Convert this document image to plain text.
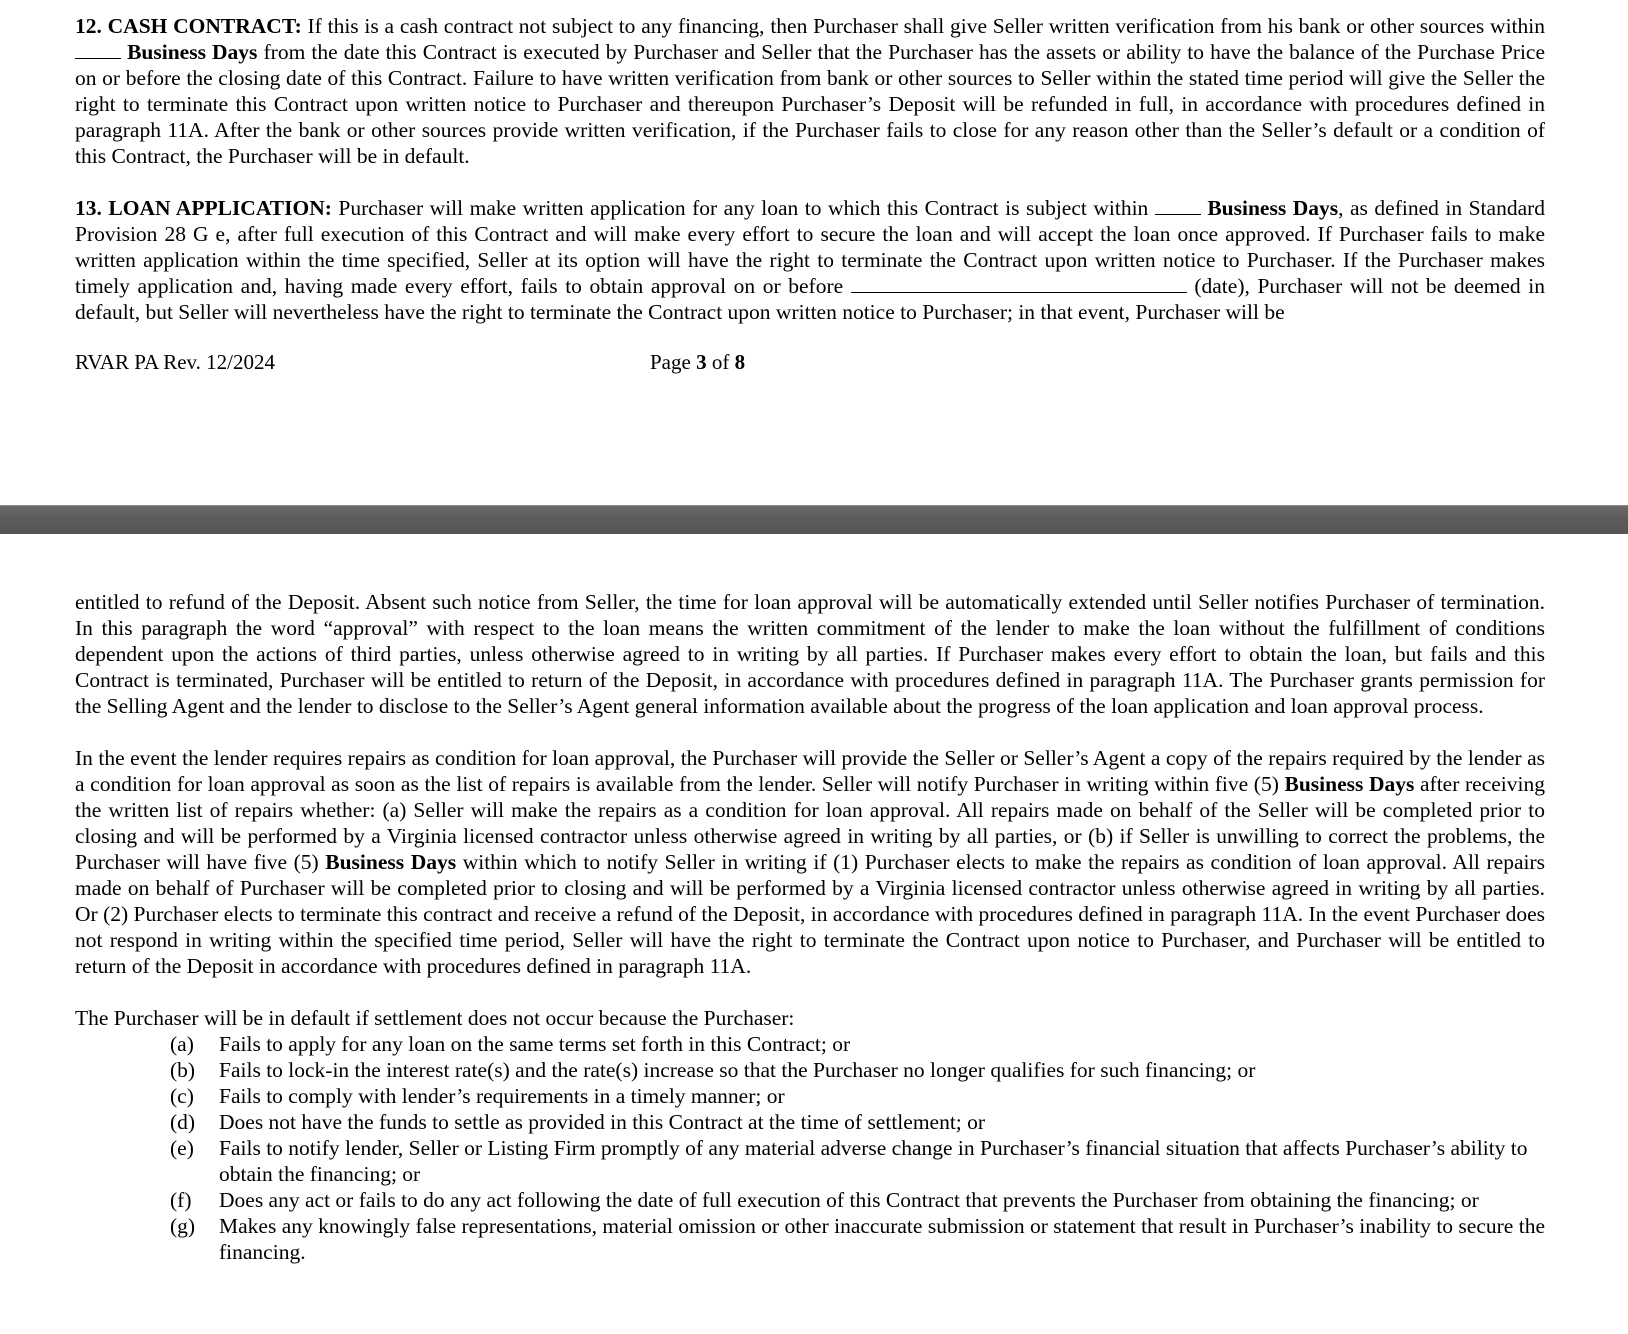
12. CASH CONTRACT: If this is a cash contract not subject to any financing, then Purchaser shall give Seller written verification from his bank or other sources within  Business Days from the date this Contract is executed by Purchaser and Seller that the Purchaser has the assets or ability to have the balance of the Purchase Price on or before the closing date of this Contract. Failure to have written verification from bank or other sources to Seller within the stated time period will give the Seller the right to terminate this Contract upon written notice to Purchaser and thereupon Purchaser’s Deposit will be refunded in full, in accordance with procedures defined in paragraph 11A. After the bank or other sources provide written verification, if the Purchaser fails to close for any reason other than the Seller’s default or a condition of this Contract, the Purchaser will be in default.

13. LOAN APPLICATION: Purchaser will make written application for any loan to which this Contract is subject within  Business Days, as defined in Standard Provision 28 G e, after full execution of this Contract and will make every effort to secure the loan and will accept the loan once approved. If Purchaser fails to make written application within the time specified, Seller at its option will have the right to terminate the Contract upon written notice to Purchaser. If the Purchaser makes timely application and, having made every effort, fails to obtain approval on or before	(date), Purchaser will not be deemed in default, but Seller will nevertheless have the right to terminate the Contract upon written notice to Purchaser; in that event, Purchaser will be

RVAR PA Rev. 12/2024	Page 3 of 8

entitled to refund of the Deposit. Absent such notice from Seller, the time for loan approval will be automatically extended until Seller notifies Purchaser of termination. In this paragraph the word “approval” with respect to the loan means the written commitment of the lender to make the loan without the fulfillment of conditions dependent upon the actions of third parties, unless otherwise agreed to in writing by all parties. If Purchaser makes every effort to obtain the loan, but fails and this Contract is terminated, Purchaser will be entitled to return of the Deposit, in accordance with procedures defined in paragraph 11A. The Purchaser grants permission for the Selling Agent and the lender to disclose to the Seller’s Agent general information available about the progress of the loan application and loan approval process.

In the event the lender requires repairs as condition for loan approval, the Purchaser will provide the Seller or Seller’s Agent a copy of the repairs required by the lender as a condition for loan approval as soon as the list of repairs is available from the lender. Seller will notify Purchaser in writing within five (5) Business Days after receiving the written list of repairs whether: (a) Seller will make the repairs as a condition for loan approval. All repairs made on behalf of the Seller will be completed prior to closing and will be performed by a Virginia licensed contractor unless otherwise agreed in writing by all parties, or (b) if Seller is unwilling to correct the problems, the Purchaser will have five (5) Business Days within which to notify Seller in writing if (1) Purchaser elects to make the repairs as condition of loan approval. All repairs made on behalf of Purchaser will be completed prior to closing and will be performed by a Virginia licensed contractor unless otherwise agreed in writing by all parties. Or (2) Purchaser elects to terminate this contract and receive a refund of the Deposit, in accordance with procedures defined in paragraph 11A. In the event Purchaser does not respond in writing within the specified time period, Seller will have the right to terminate the Contract upon notice to Purchaser, and Purchaser will be entitled to return of the Deposit in accordance with procedures defined in paragraph 11A.

The Purchaser will be in default if settlement does not occur because the Purchaser:
(a) Fails to apply for any loan on the same terms set forth in this Contract; or
(b) Fails to lock-in the interest rate(s) and the rate(s) increase so that the Purchaser no longer qualifies for such financing; or
(c) Fails to comply with lender’s requirements in a timely manner; or
(d) Does not have the funds to settle as provided in this Contract at the time of settlement; or
(e) Fails to notify lender, Seller or Listing Firm promptly of any material adverse change in Purchaser’s financial situation that affects Purchaser’s ability to obtain the financing; or
(f) Does any act or fails to do any act following the date of full execution of this Contract that prevents the Purchaser from obtaining the financing; or
(g) Makes any knowingly false representations, material omission or other inaccurate submission or statement that result in Purchaser’s inability to secure the financing.
